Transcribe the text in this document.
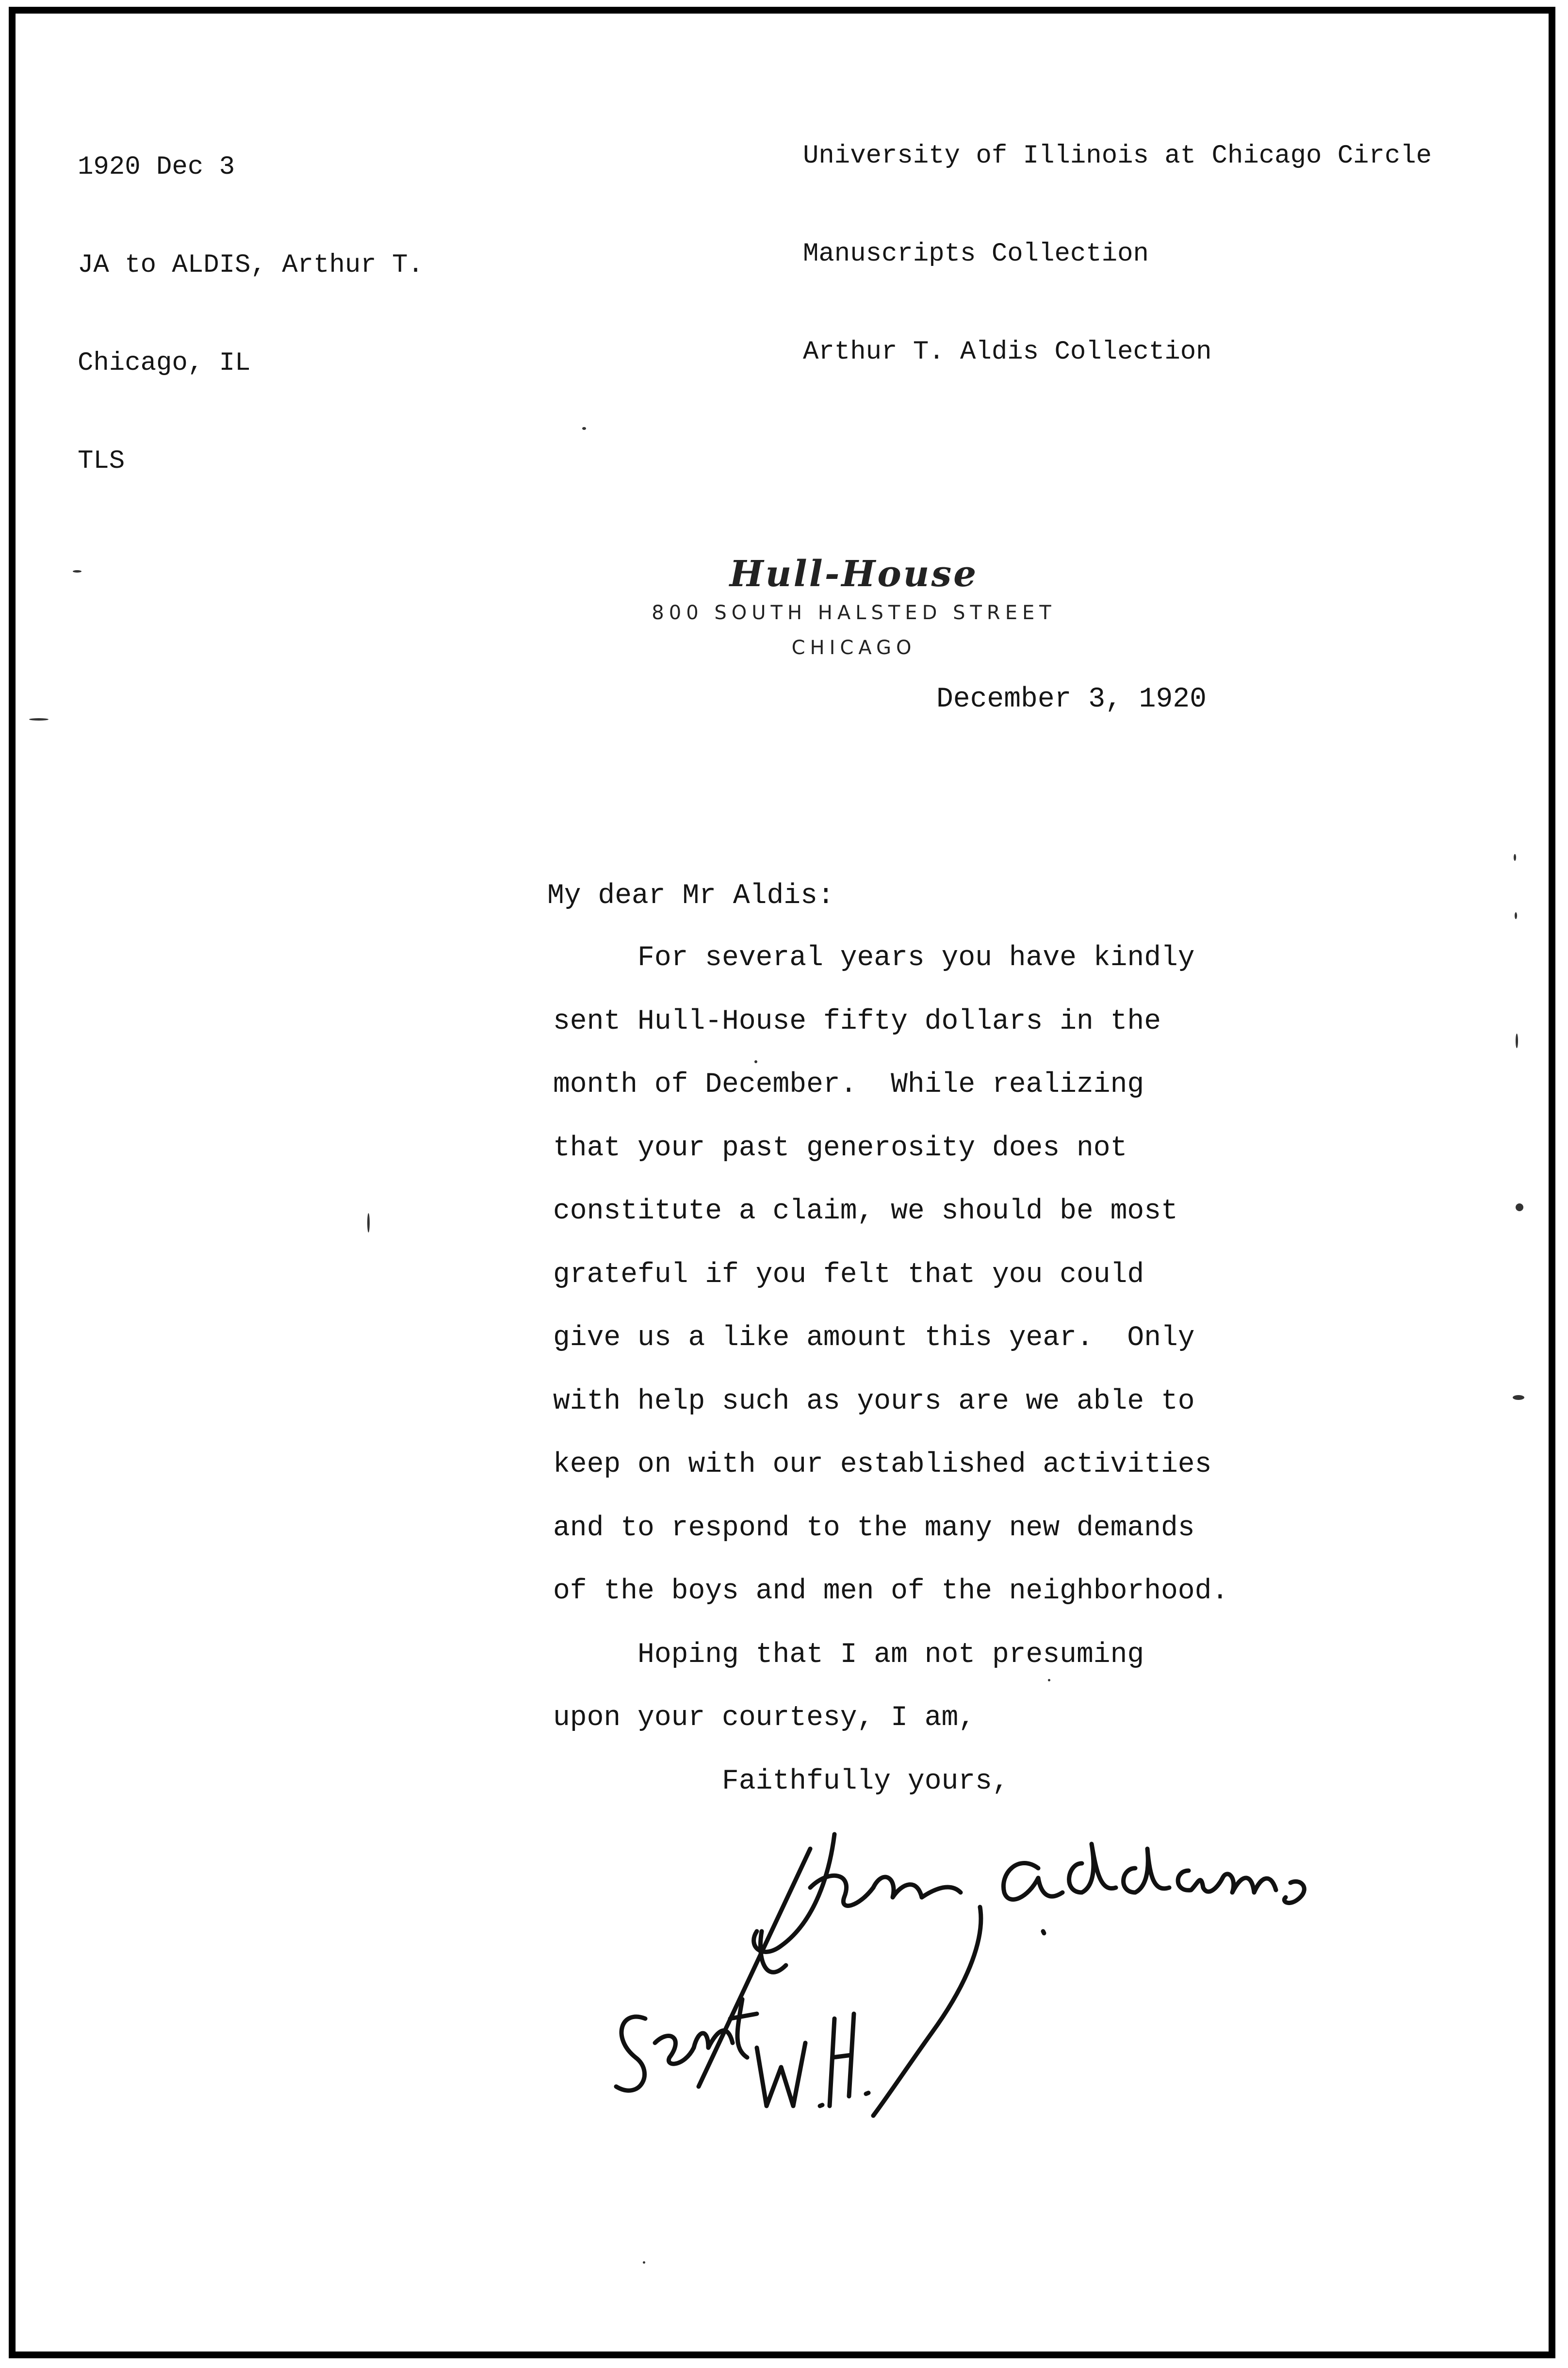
1920 Dec 3

JA to ALDIS, Arthur T.

Chicago, IL

TLS

University of Illinois at Chicago Circle

Manuscripts Collection

Arthur T. Aldis Collection

Hull-House
800 SOUTH HALSTED STREET
CHICAGO
December 3, 1920
My dear Mr Aldis:
For several years you have kindly
sent Hull-House fifty dollars in the
month of December.  While realizing
that your past generosity does not
constitute a claim, we should be most
grateful if you felt that you could
give us a like amount this year.  Only
with help such as yours are we able to
keep on with our established activities
and to respond to the many new demands
of the boys and men of the neighborhood.
Hoping that I am not presuming
upon your courtesy, I am,
Faithfully yours,
